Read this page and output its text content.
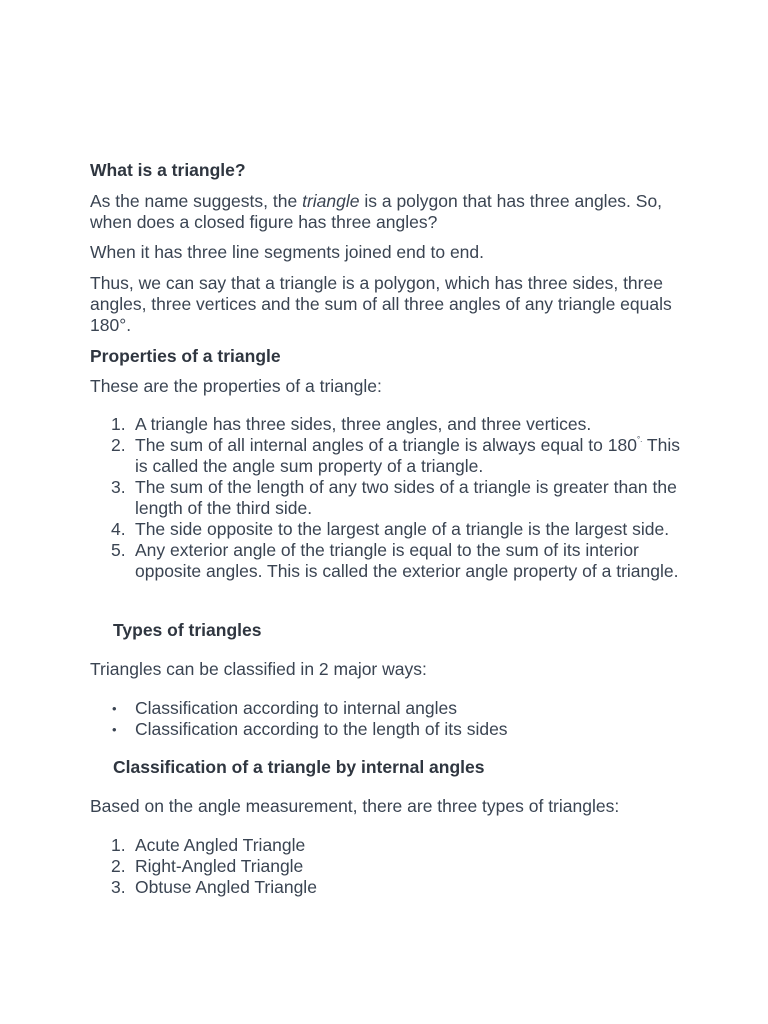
What is a triangle?

As the name suggests, the triangle is a polygon that has three angles. So, when does a closed figure has three angles?

When it has three line segments joined end to end.

Thus, we can say that a triangle is a polygon, which has three sides, three angles, three vertices and the sum of all three angles of any triangle equals 180°.

Properties of a triangle

These are the properties of a triangle:

1. A triangle has three sides, three angles, and three vertices.
2. The sum of all internal angles of a triangle is always equal to 180°. This is called the angle sum property of a triangle.
3. The sum of the length of any two sides of a triangle is greater than the length of the third side.
4. The side opposite to the largest angle of a triangle is the largest side.
5. Any exterior angle of the triangle is equal to the sum of its interior opposite angles. This is called the exterior angle property of a triangle.

Types of triangles

Triangles can be classified in 2 major ways:

• Classification according to internal angles
• Classification according to the length of its sides

Classification of a triangle by internal angles

Based on the angle measurement, there are three types of triangles:

1. Acute Angled Triangle
2. Right-Angled Triangle
3. Obtuse Angled Triangle
